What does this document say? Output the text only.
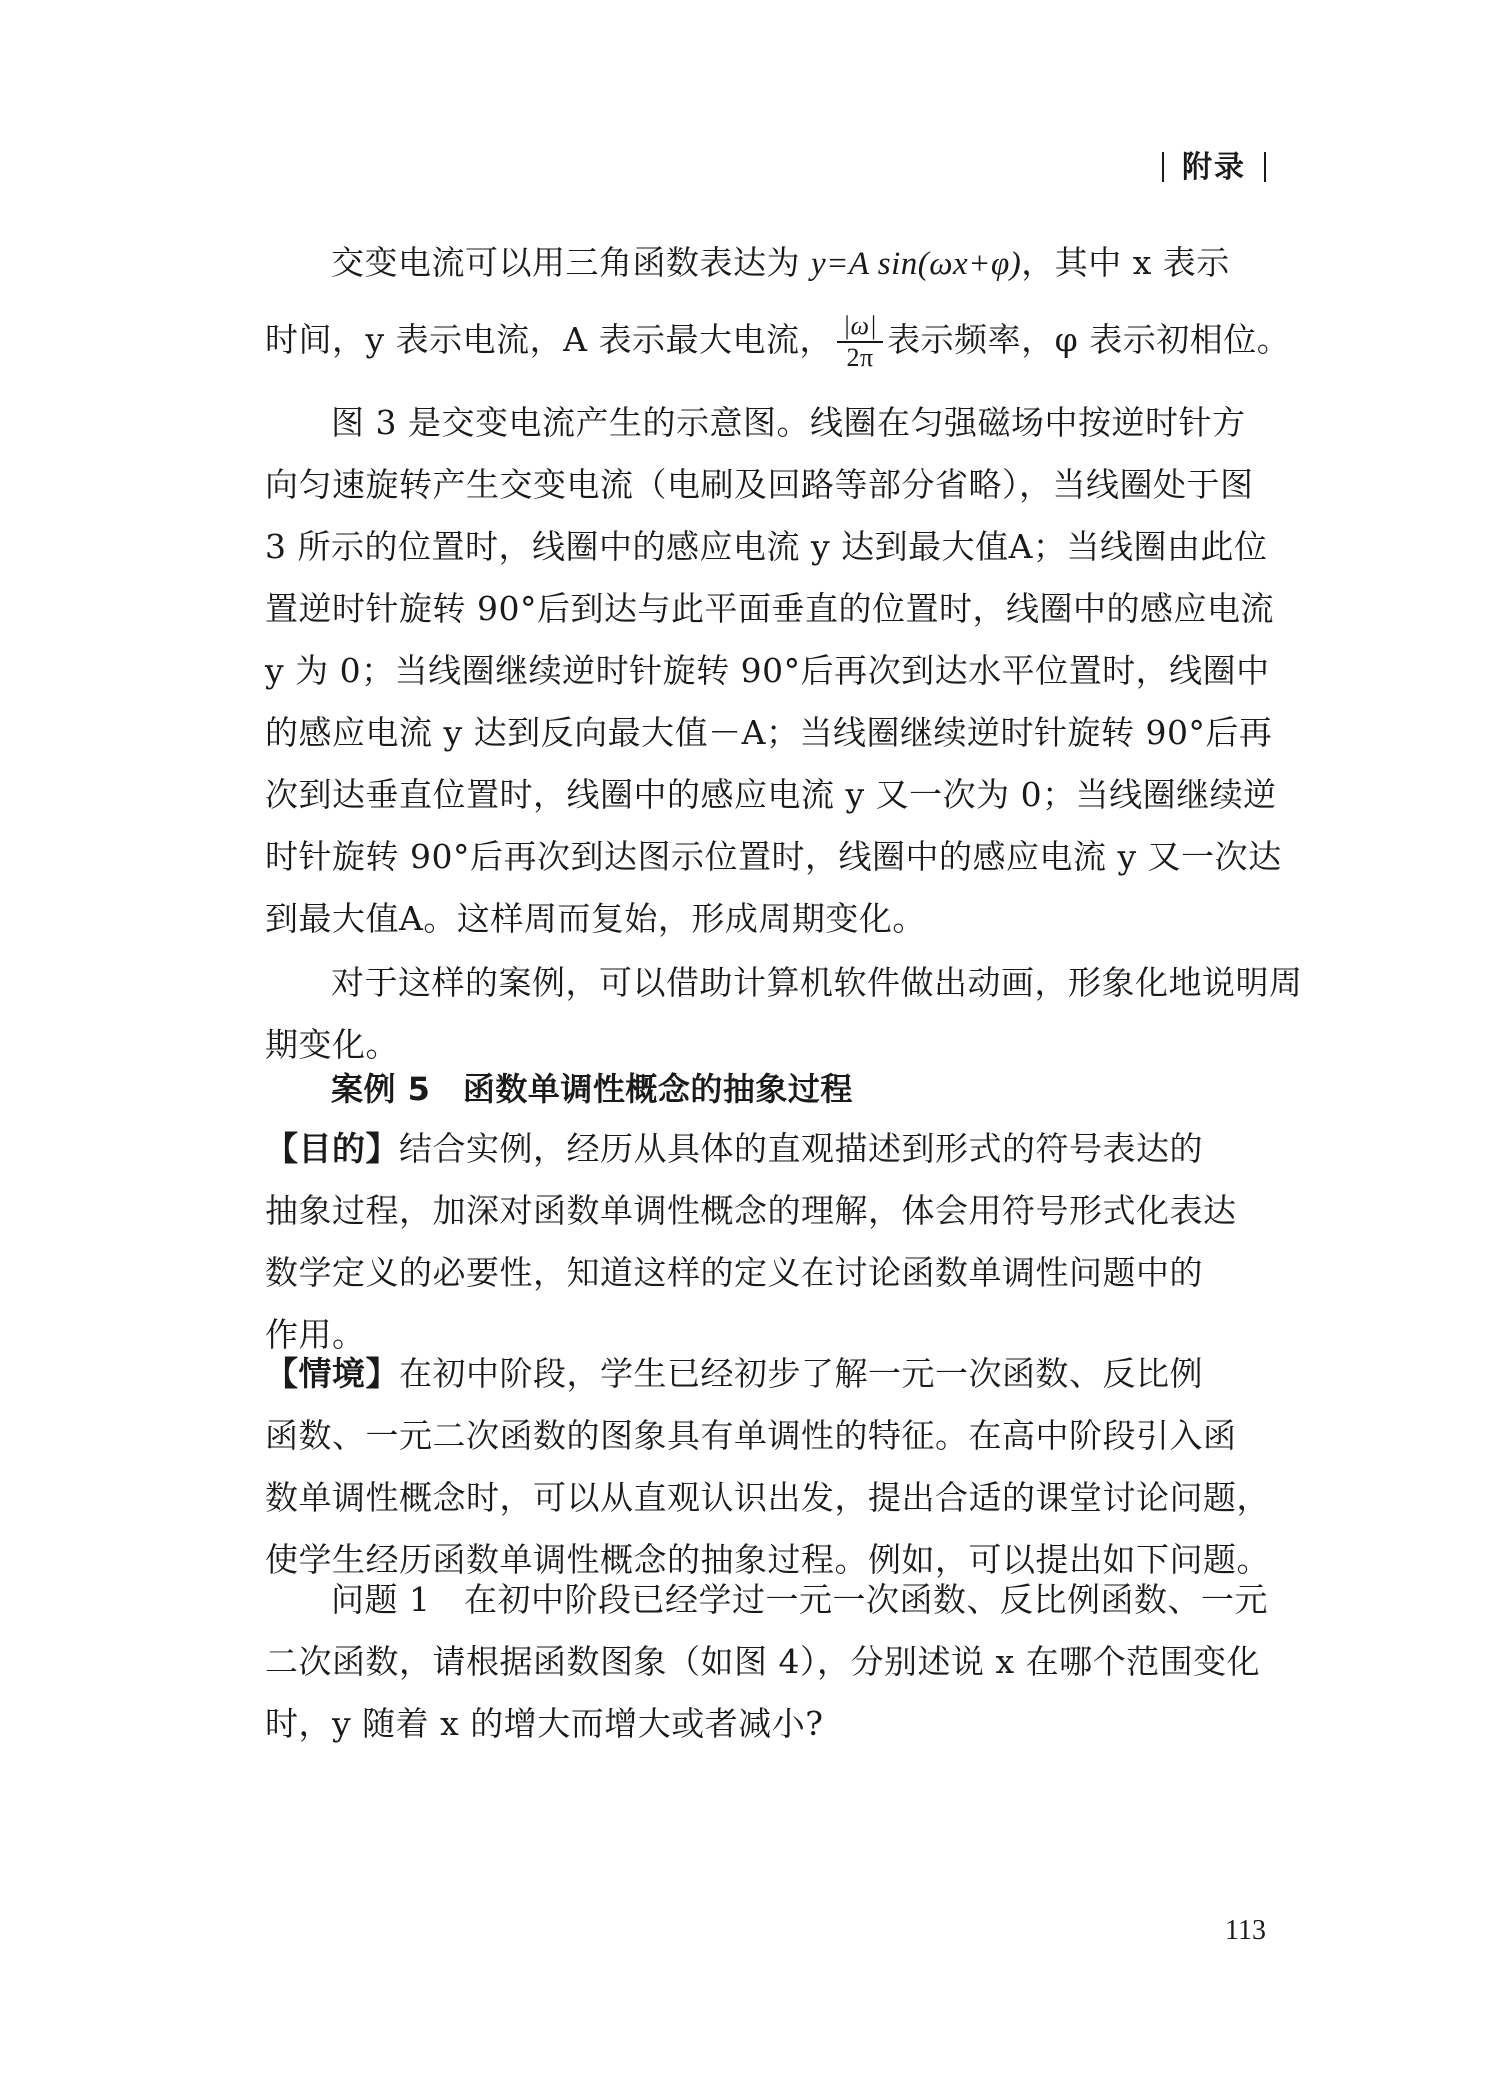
附录
交变电流可以用三角函数表达为 y=A sin(ωx+φ)，其中 x 表示
时间，y 表示电流，A 表示最大电流， $\frac{|\omega|}{2\pi}$ 表示频率，φ 表示初相位。
图 3 是交变电流产生的示意图。线圈在匀强磁场中按逆时针方
向匀速旋转产生交变电流（电刷及回路等部分省略），当线圈处于图
3 所示的位置时，线圈中的感应电流 y 达到最大值A；当线圈由此位
置逆时针旋转 90°后到达与此平面垂直的位置时，线圈中的感应电流
y 为 0；当线圈继续逆时针旋转 90°后再次到达水平位置时，线圈中
的感应电流 y 达到反向最大值－A；当线圈继续逆时针旋转 90°后再
次到达垂直位置时，线圈中的感应电流 y 又一次为 0；当线圈继续逆
时针旋转 90°后再次到达图示位置时，线圈中的感应电流 y 又一次达
到最大值A。这样周而复始，形成周期变化。
对于这样的案例，可以借助计算机软件做出动画，形象化地说明周
期变化。
案例 5　函数单调性概念的抽象过程
【目的】结合实例，经历从具体的直观描述到形式的符号表达的
抽象过程，加深对函数单调性概念的理解，体会用符号形式化表达
数学定义的必要性，知道这样的定义在讨论函数单调性问题中的
作用。
【情境】在初中阶段，学生已经初步了解一元一次函数、反比例
函数、一元二次函数的图象具有单调性的特征。在高中阶段引入函
数单调性概念时，可以从直观认识出发，提出合适的课堂讨论问题，
使学生经历函数单调性概念的抽象过程。例如，可以提出如下问题。
问题 1　在初中阶段已经学过一元一次函数、反比例函数、一元
二次函数，请根据函数图象（如图 4），分别述说 x 在哪个范围变化
时，y 随着 x 的增大而增大或者减小?
113
